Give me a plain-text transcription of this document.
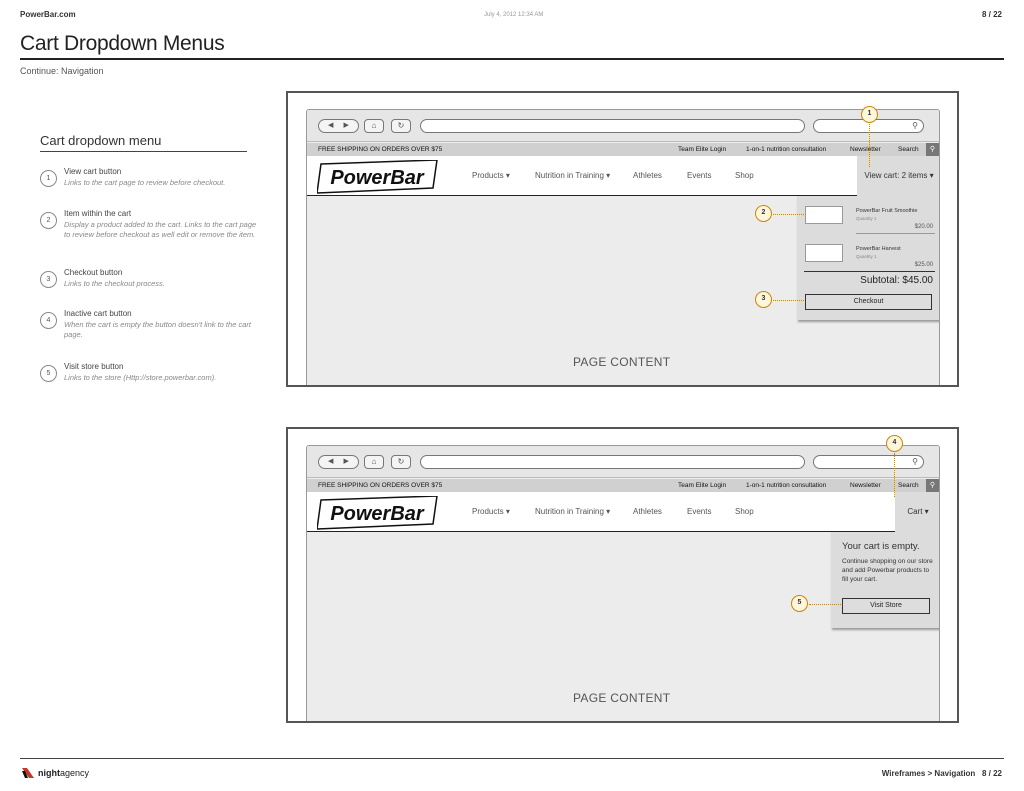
PowerBar.com	July 4, 2012 12:34 AM	8 / 22
Cart Dropdown Menus
Continue: Navigation
Cart dropdown menu
1
View cart button
Links to the cart page to review before checkout.
2
Item within the cart
Display a product added to the cart. Links to the cart page to review before checkout as well edit or remove the item.
3
Checkout button
Links to the checkout process.
4
Inactive cart button
When the cart is empty the button doesn't link to the cart page.
5
Visit store button
Links to the store (Http://store.powerbar.com).
◀ ▶	⌂	↻	⚲
FREE SHIPPING ON ORDERS OVER $75	Team Elite Login	1-on-1 nutrition consultation	Newsletter	Search	⚲
PowerBar	Products ▾	Nutrition in Training ▾	Athletes	Events	Shop	View cart: 2 items ▾
PowerBar Fruit Smoothie
Quantity 1
$20.00
PowerBar Harvest
Quantity 1
$25.00
Subtotal: $45.00
Checkout
PAGE CONTENT
1
2
3
◀ ▶	⌂	↻	⚲
FREE SHIPPING ON ORDERS OVER $75	Team Elite Login	1-on-1 nutrition consultation	Newsletter	Search	⚲
PowerBar	Products ▾	Nutrition in Training ▾	Athletes	Events	Shop	Cart ▾
Your cart is empty.
Continue shopping on our store and add Powerbar products to fill your cart.
Visit Store
PAGE CONTENT
4
5
night agency	Wireframes > Navigation   8 / 22
